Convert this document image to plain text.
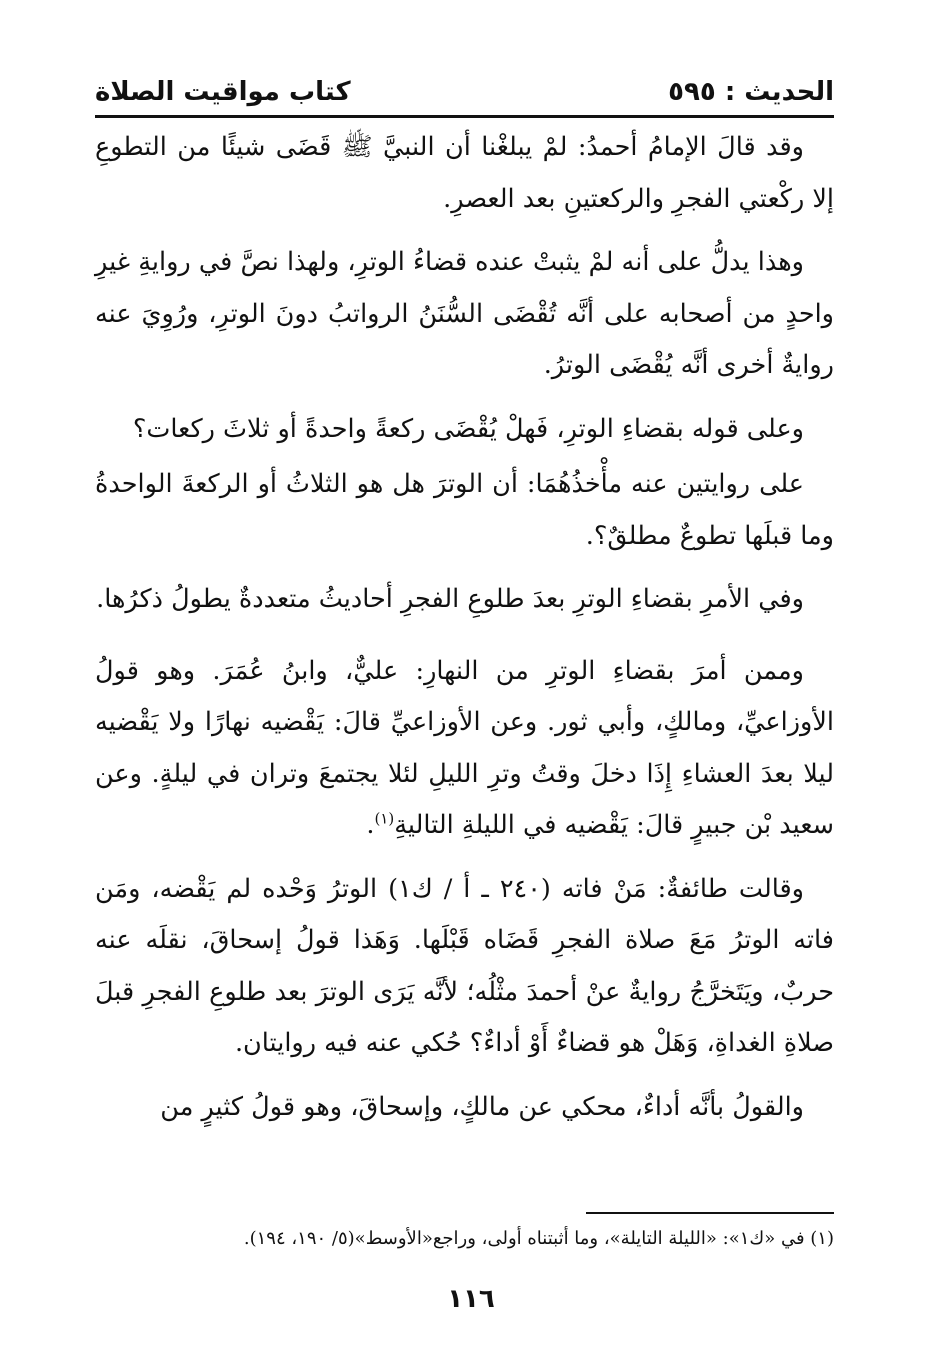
الحديث : ٥٩٥
كتاب مواقيت الصلاة

وقد قالَ الإمامُ أحمدُ: لمْ يبلغْنا أن النبيَّ ﷺ قَضَى شيئًا من التطوعِ إلا ركْعتي الفجرِ والركعتينِ بعد العصرِ.

وهذا يدلُّ على أنه لمْ يثبتْ عنده قضاءُ الوترِ، ولهذا نصَّ في روايةِ غيرِ واحدٍ من أصحابه على أنَّه تُقْضَى السُّنَنُ الرواتبُ دونَ الوترِ، ورُوِيَ عنه روايةٌ أخرى أنَّه يُقْضَى الوترُ.

وعلى قوله بقضاءِ الوترِ، فَهلْ يُقْضَى ركعةً واحدةً أو ثلاثَ ركعات؟

على روايتين عنه مأْخذُهُمَا: أن الوترَ هل هو الثلاثُ أو الركعةَ الواحدةُ وما قبلَها تطوعٌ مطلقٌ؟.

وفي الأمرِ بقضاءِ الوترِ بعدَ طلوعِ الفجرِ أحاديثُ متعددةٌ يطولُ ذكرُها.

وممن أمرَ بقضاءِ الوترِ من النهارِ: عليٌّ، وابنُ عُمَرَ. وهو قولُ الأوزاعيِّ، ومالكٍ، وأبي ثور. وعن الأوزاعيِّ قالَ: يَقْضيه نهارًا ولا يَقْضيه ليلا بعدَ العشاءِ إِذَا دخلَ وقتُ وترِ الليلِ لئلا يجتمعَ وتران في ليلةٍ. وعن سعيد بْن جبيرٍ قالَ: يَقْضيه في الليلةِ التاليةِ$^{(١)}$.

وقالت طائفةٌ: مَنْ فاته (٢٤٠ ـ أ / ك١) الوترُ وَحْده لم يَقْضه، ومَن فاته الوترُ مَعَ صلاة الفجرِ قَضَاه قَبْلَها. وَهَذا قولُ إسحاقَ، نقلَه عنه حربٌ، ويَتَخرَّجُ روايةٌ عنْ أحمدَ مثْلُه؛ لأنَّه يَرَى الوترَ بعد طلوعِ الفجرِ قبلَ صلاةِ الغداةِ، وَهَلْ هو قضاءٌ أَوْ أداءٌ؟ حُكي عنه فيه روايتان.

والقولُ بأنَّه أداءٌ، محكي عن مالكٍ، وإسحاقَ، وهو قولُ كثيرٍ من

(١) في «ك١»: «الليلة التايلة»، وما أثبتناه أولى، وراجع«الأوسط»(٥/ ١٩٠، ١٩٤).
١١٦
